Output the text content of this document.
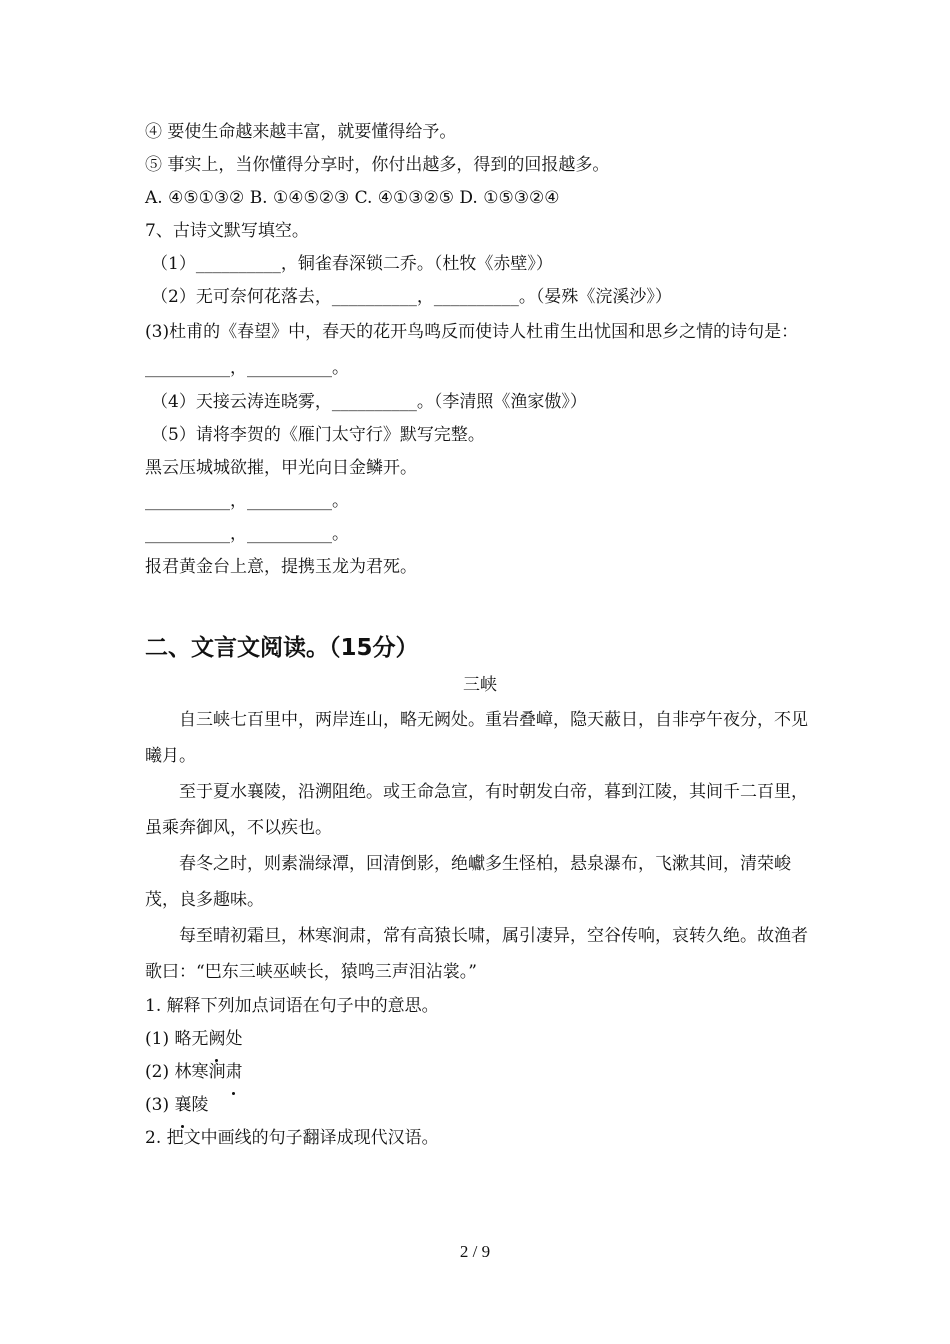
④ 要使生命越来越丰富，就要懂得给予。
⑤ 事实上，当你懂得分享时，你付出越多，得到的回报越多。
A. ④⑤①③② B. ①④⑤②③ C. ④①③②⑤ D. ①⑤③②④
7、古诗文默写填空。
（1）__________，铜雀春深锁二乔。（杜牧《赤壁》）
（2）无可奈何花落去，__________，__________。（晏殊《浣溪沙》）
(3)杜甫的《春望》中，春天的花开鸟鸣反而使诗人杜甫生出忧国和思乡之情的诗句是：__________，__________。
（4）天接云涛连晓雾，__________。（李清照《渔家傲》）
（5）请将李贺的《雁门太守行》默写完整。
黑云压城城欲摧，甲光向日金鳞开。
__________，__________。
__________，__________。
报君黄金台上意，提携玉龙为君死。
二、文言文阅读。（15分）
三峡
自三峡七百里中，两岸连山，略无阙处。重岩叠嶂，隐天蔽日，自非亭午夜分，不见曦月。
至于夏水襄陵，沿溯阻绝。或王命急宣，有时朝发白帝，暮到江陵，其间千二百里，虽乘奔御风，不以疾也。
春冬之时，则素湍绿潭，回清倒影，绝巘多生怪柏，悬泉瀑布，飞漱其间，清荣峻茂，良多趣味。
每至晴初霜旦，林寒涧肃，常有高猿长啸，属引凄异，空谷传响，哀转久绝。故渔者歌曰：“巴东三峡巫峡长，猿鸣三声泪沾裳。”
1. 解释下列加点词语在句子中的意思。
(1) 略无阙处
(2) 林寒涧肃
(3) 襄陵
2. 把文中画线的句子翻译成现代汉语。
2 / 9
